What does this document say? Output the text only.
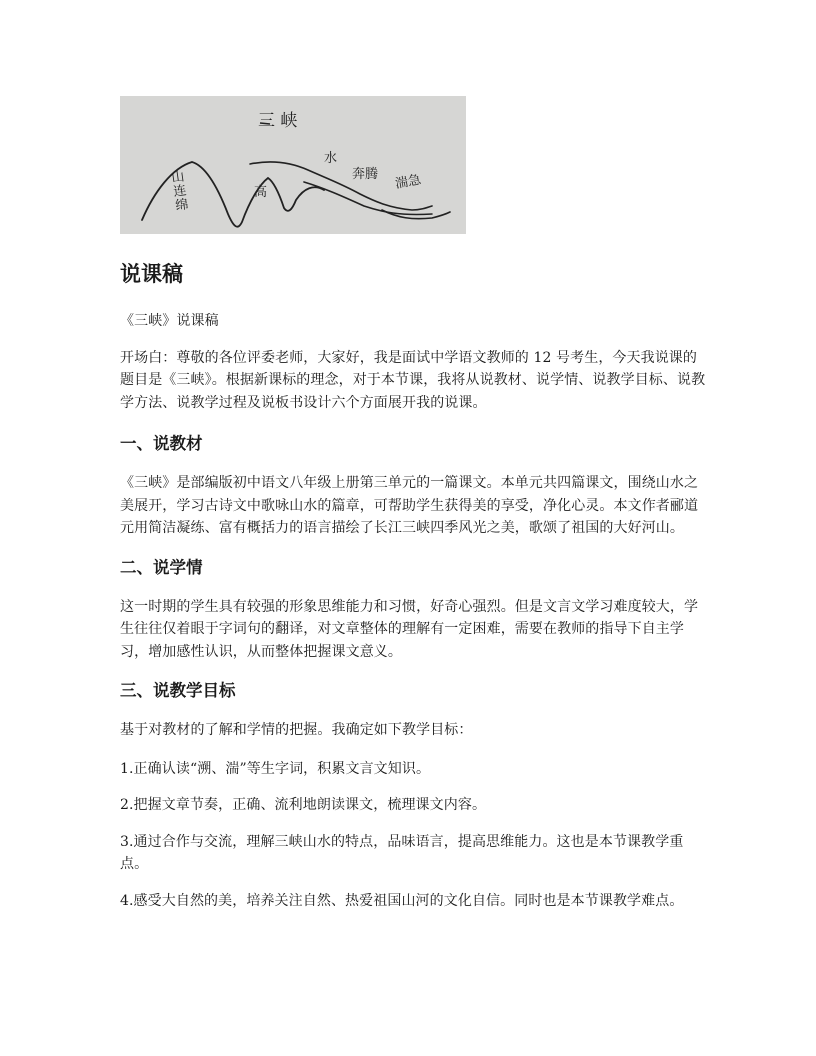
三 峡
山
连
绵
高
水
奔腾 湍急
说课稿

《三峡》说课稿

开场白：尊敬的各位评委老师，大家好，我是面试中学语文教师的 12 号考生，今天我说课的题目是《三峡》。根据新课标的理念，对于本节课，我将从说教材、说学情、说教学目标、说教学方法、说教学过程及说板书设计六个方面展开我的说课。

一、说教材

《三峡》是部编版初中语文八年级上册第三单元的一篇课文。本单元共四篇课文，围绕山水之美展开，学习古诗文中歌咏山水的篇章，可帮助学生获得美的享受，净化心灵。本文作者郦道元用简洁凝练、富有概括力的语言描绘了长江三峡四季风光之美，歌颂了祖国的大好河山。

二、说学情

这一时期的学生具有较强的形象思维能力和习惯，好奇心强烈。但是文言文学习难度较大，学生往往仅着眼于字词句的翻译，对文章整体的理解有一定困难，需要在教师的指导下自主学习，增加感性认识，从而整体把握课文意义。

三、说教学目标

基于对教材的了解和学情的把握。我确定如下教学目标：

1.正确认读“溯、湍”等生字词，积累文言文知识。

2.把握文章节奏，正确、流利地朗读课文，梳理课文内容。

3.通过合作与交流，理解三峡山水的特点，品味语言，提高思维能力。这也是本节课教学重点。

4.感受大自然的美，培养关注自然、热爱祖国山河的文化自信。同时也是本节课教学难点。
